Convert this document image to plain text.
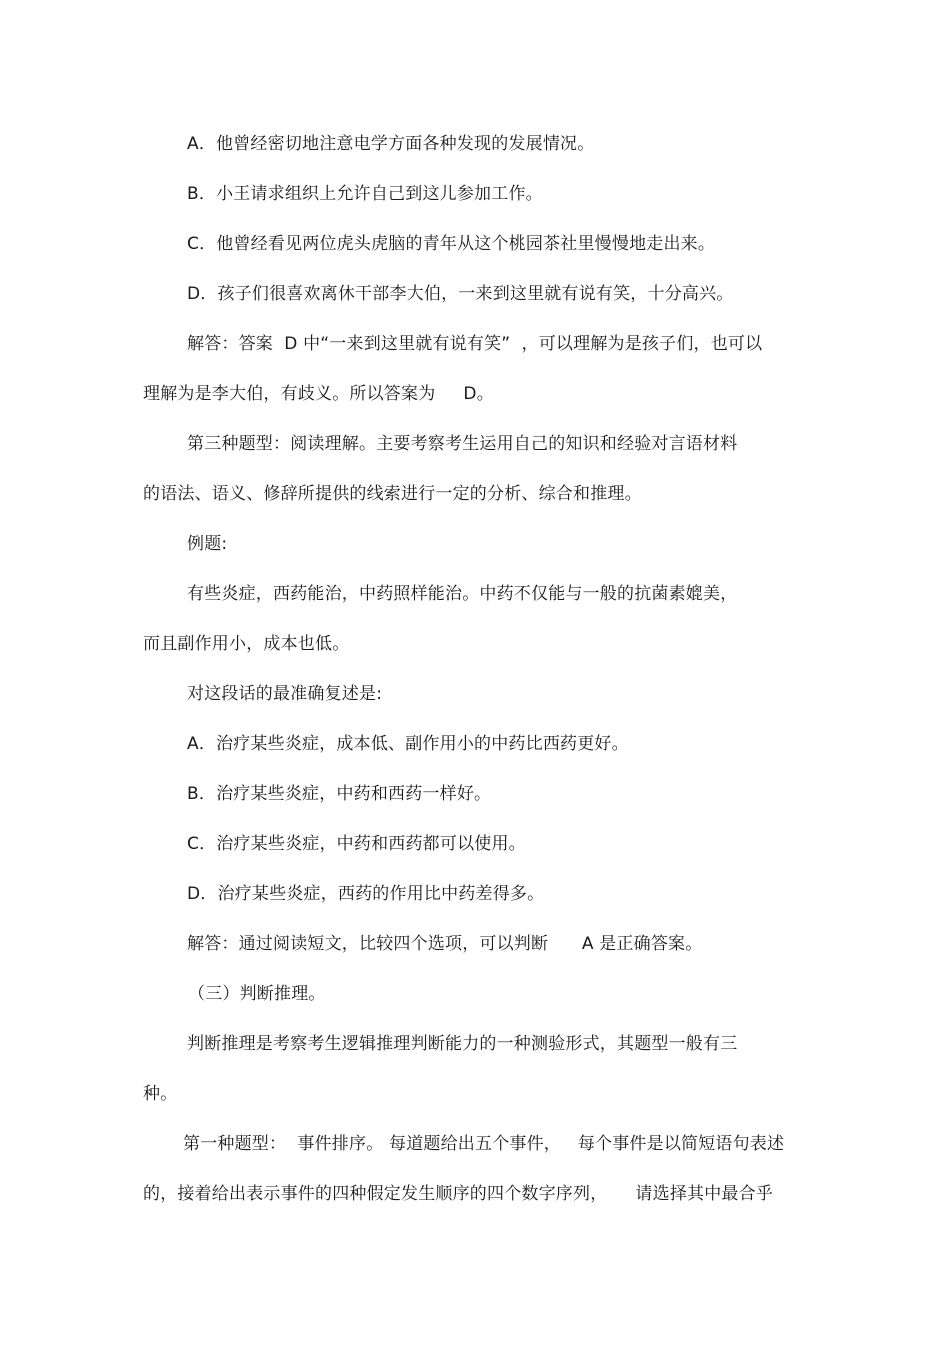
A．他曾经密切地注意电学方面各种发现的发展情况。
B．小王请求组织上允许自己到这儿参加工作。
C．他曾经看见两位虎头虎脑的青年从这个桃园茶社里慢慢地走出来。
D．孩子们很喜欢离休干部李大伯，一来到这里就有说有笑，十分高兴。
解答：答案  D 中“一来到这里就有说有笑”  ，可以理解为是孩子们，也可以
理解为是李大伯，有歧义。所以答案为     D。
第三种题型：阅读理解。主要考察考生运用自己的知识和经验对言语材料
的语法、语义、修辞所提供的线索进行一定的分析、综合和推理。
例题:
有些炎症，西药能治，中药照样能治。中药不仅能与一般的抗菌素媲美，
而且副作用小，成本也低。
对这段话的最准确复述是:
A．治疗某些炎症，成本低、副作用小的中药比西药更好。
B．治疗某些炎症，中药和西药一样好。
C．治疗某些炎症，中药和西药都可以使用。
D．治疗某些炎症，西药的作用比中药差得多。
解答：通过阅读短文，比较四个选项，可以判断      A 是正确答案。
（三）判断推理。
判断推理是考察考生逻辑推理判断能力的一种测验形式，其题型一般有三
种。
第一种题型：  事件排序。 每道题给出五个事件，   每个事件是以简短语句表述
的，接着给出表示事件的四种假定发生顺序的四个数字序列，     请选择其中最合乎
